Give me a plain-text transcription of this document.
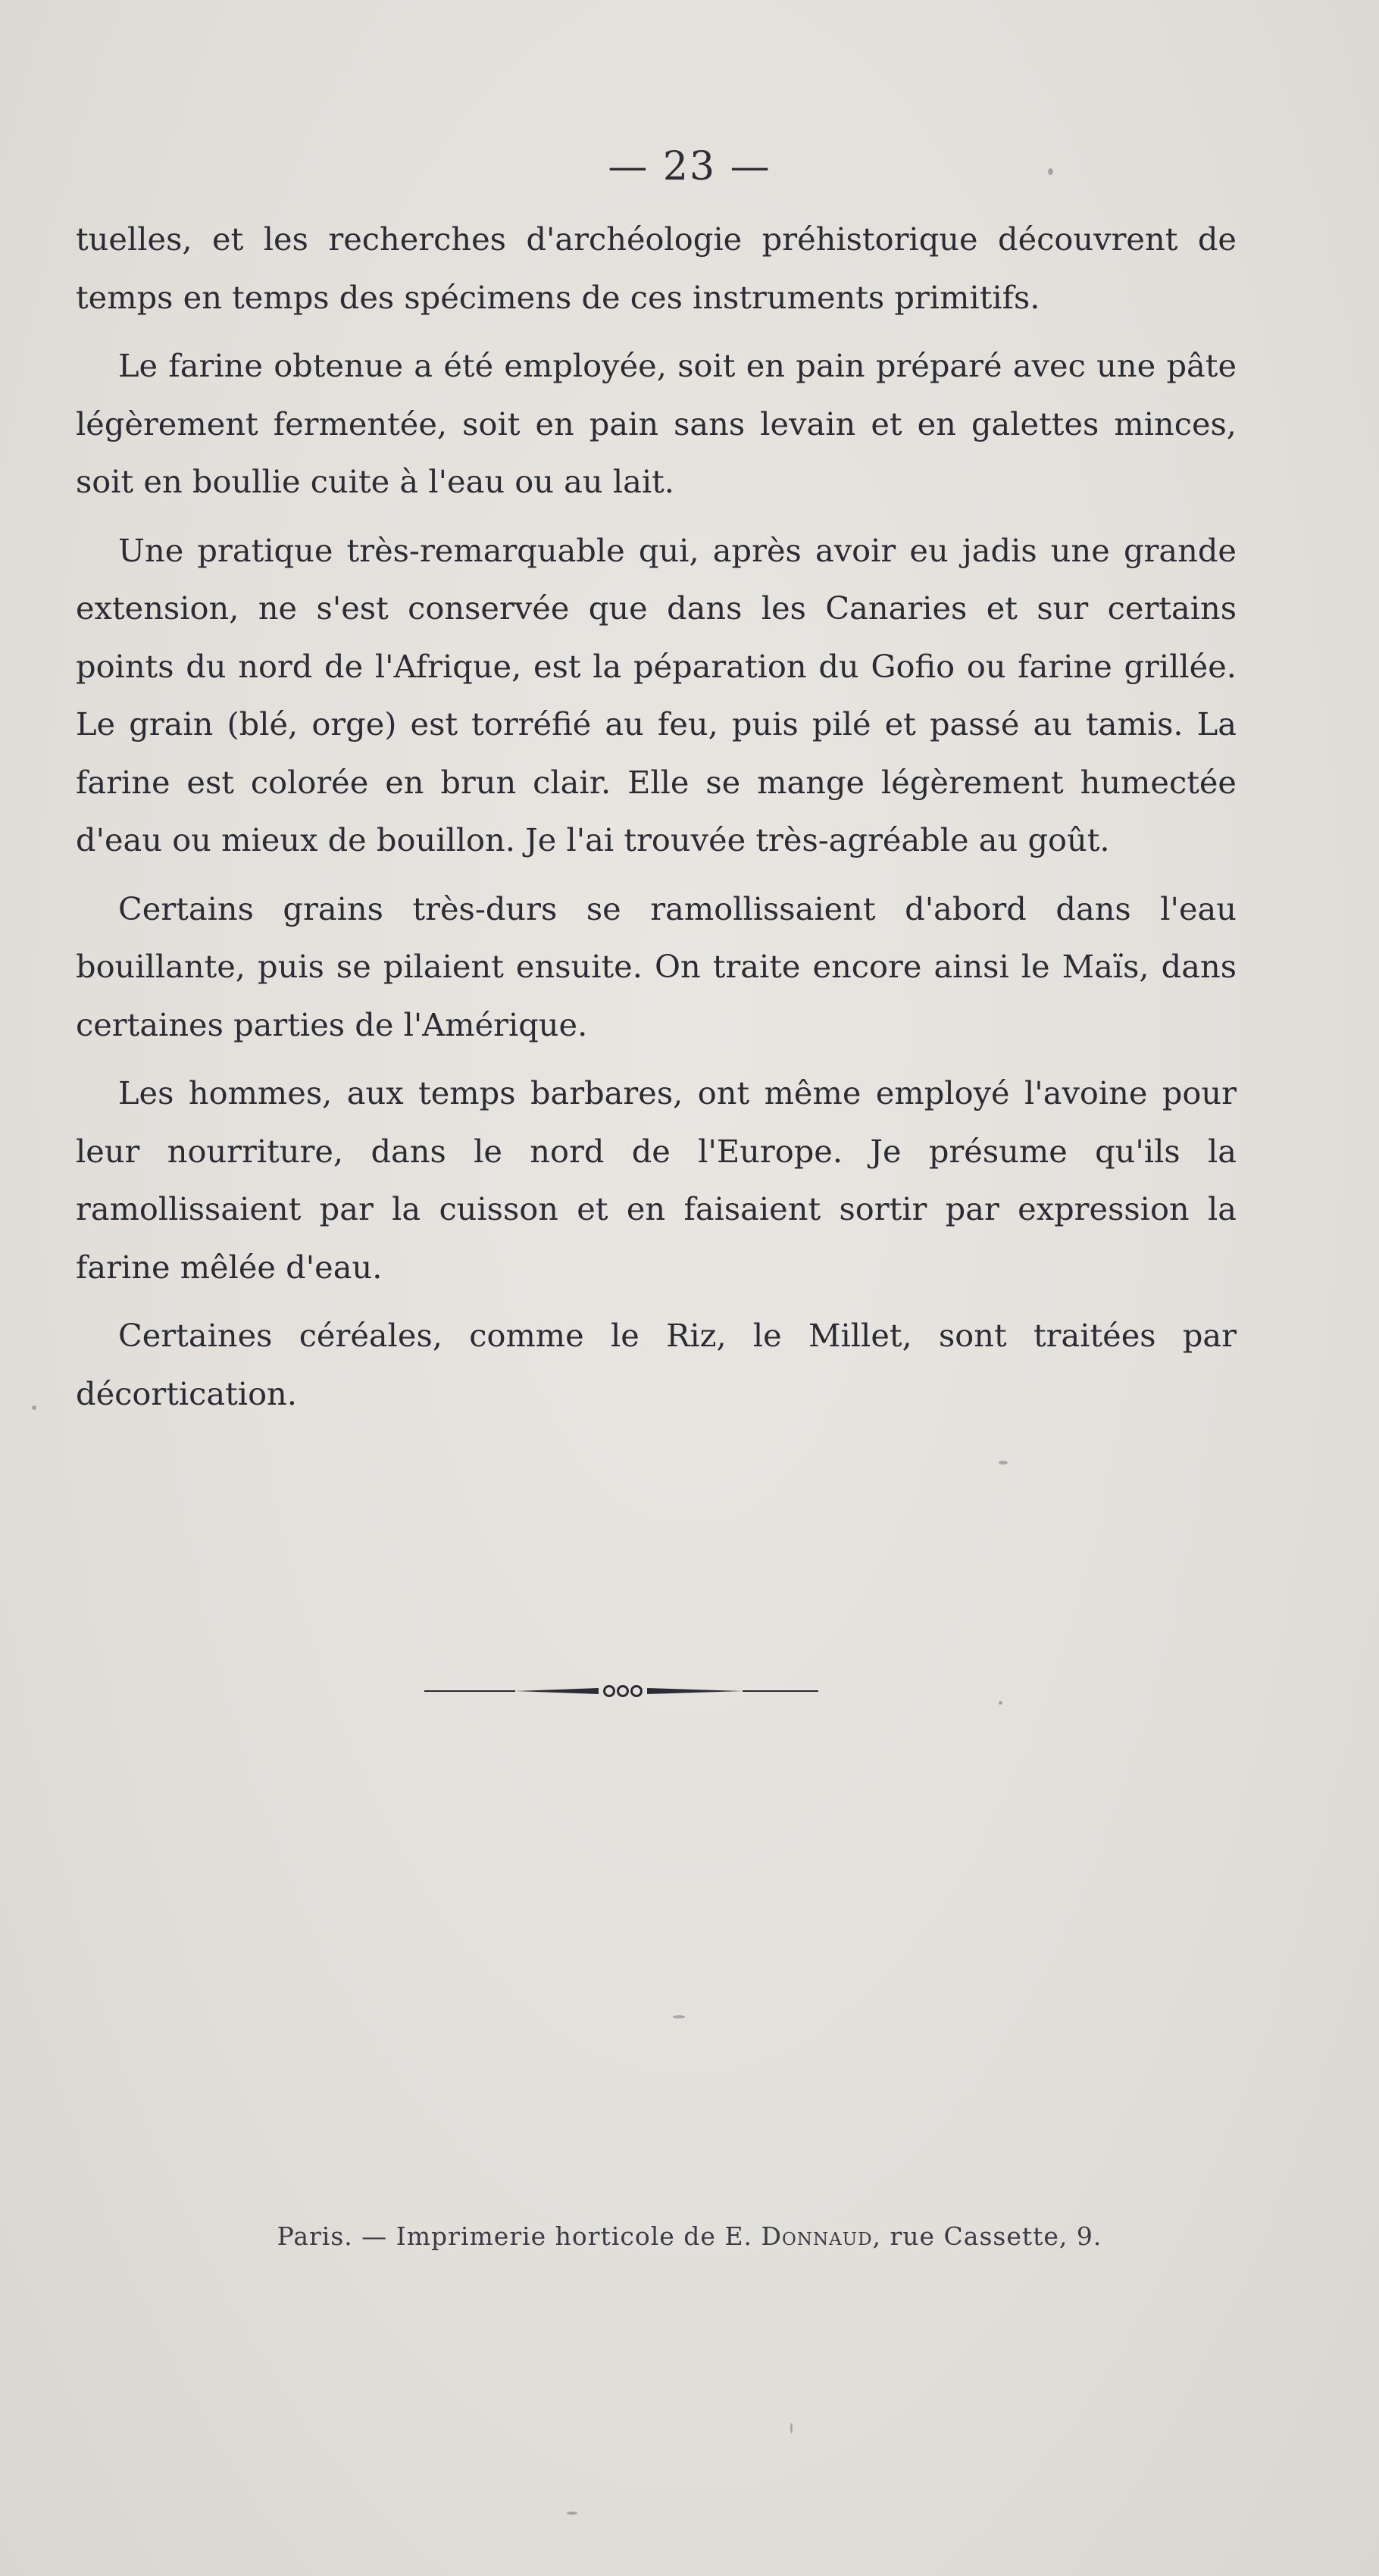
— 23 —

tuelles, et les recherches d'archéologie préhistorique découvrent de temps en temps des spécimens de ces instruments primitifs.

Le farine obtenue a été employée, soit en pain préparé avec une pâte légèrement fermentée, soit en pain sans levain et en galettes minces, soit en boullie cuite à l'eau ou au lait.

Une pratique très-remarquable qui, après avoir eu jadis une grande extension, ne s'est conservée que dans les Canaries et sur certains points du nord de l'Afrique, est la péparation du Gofio ou farine grillée. Le grain (blé, orge) est torréfié au feu, puis pilé et passé au tamis. La farine est colorée en brun clair. Elle se mange légèrement humectée d'eau ou mieux de bouillon. Je l'ai trouvée très-agréable au goût.

Certains grains très-durs se ramollissaient d'abord dans l'eau bouillante, puis se pilaient ensuite. On traite encore ainsi le Maïs, dans certaines parties de l'Amérique.

Les hommes, aux temps barbares, ont même employé l'avoine pour leur nourriture, dans le nord de l'Europe. Je présume qu'ils la ramollissaient par la cuisson et en faisaient sortir par expression la farine mêlée d'eau.

Certaines céréales, comme le Riz, le Millet, sont traitées par décortication.

Paris. — Imprimerie horticole de E. Donnaud, rue Cassette, 9.
